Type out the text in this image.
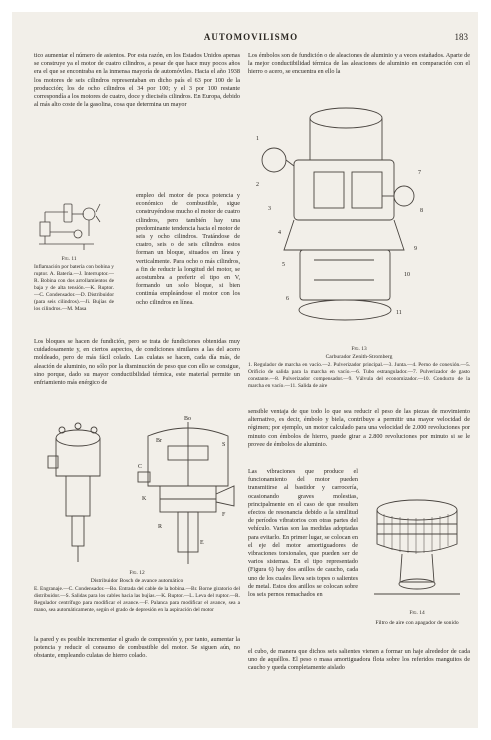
AUTOMOVILISMO	183
tico aumentar el número de asientos. Por esta razón, en los Estados Unidos apenas se construye ya el motor de cuatro cilindros, a pesar de que hace muy pocos años era el que se encontraba en la inmensa mayoría de automóviles. Hacia el año 1938 los motores de seis cilindros representaban en dicho país el 63 por 100 de la producción; los de ocho cilindros el 34 por 100; y el 3 por 100 restante correspondía a los motores de cuatro, doce y dieciséis cilindros. En Europa, debido al más alto coste de la gasolina, cosa que determina un mayor
Fig. 11
Inflamación por batería con bobina y ruptor. A. Batería.—J. Interruptor.—R. Bobina con dos arrollamientos de baja y de alta tensión.—K. Ruptor.—C. Condensador.—D. Distribuidor (para seis cilindros).—Ji. Bujías de los cilindros.—M. Masa
empleo del motor de poca potencia y económico de combustible, sigue construyéndose mucho el motor de cuatro cilindros, pero también hay una predominante tendencia hacia el motor de seis y ocho cilindros. Tratándose de cuatro, seis o de seis cilindros estos forman un bloque, situados en línea y verticalmente. Para ocho o más cilindros, a fin de reducir la longitud del motor, se acostumbra a preferir el tipo en V, formando un solo bloque, si bien continúa empleándose el motor con los ocho cilindros en línea.
Los bloques se hacen de fundición, pero se trata de fundiciones obtenidas muy cuidadosamente y, en ciertos aspectos, de condiciones similares a las del acero moldeado, pero de más fácil colado. Las culatas se hacen, cada día más, de aleación de aluminio, no sólo por la disminución de peso que con ello se consigue, sino porque, dado su mayor conductibilidad térmica, este material permite un enfriamiento más enérgico de
Bo
Br
S
C
K
F
R
E
Fig. 12
Distribuidor Bosch de avance automático
E. Engranaje.—C. Condensador.—Bo. Entrada del cable de la bobina.—Br. Borne giratorio del distribuidor.—S. Salidas para los cables hacia las bujías.—K. Ruptor.—L. Leva del ruptor.—R. Regulador centrífugo para modificar el avance.—F. Palanca para modificar el avance, sea a mano, sea automáticamente, según el grado de depresión en la aspiración del motor
la pared y es posible incrementar el grado de compresión y, por tanto, aumentar la potencia y reducir el consumo de combustible del motor. Se siguen aún, no obstante, empleando culatas de hierro colado.
Los émbolos son de fundición o de aleaciones de aluminio y a veces estañados. Aparte de la mejor conductibilidad térmica de las aleaciones de aluminio en comparación con el hierro o acero, se encuentra en ello la
1
2
3
4
5
6
7
8
9
10
11
Fig. 13
Carburador Zenith-Stromberg
1. Regulador de marcha en vacío.—2. Pulverizador principal.—3. Junta.—4. Perno de conexión.—5. Orificio de salida para la marcha en vacío.—6. Tubo estrangulador.—7. Pulverizador de gasto constante.—8. Pulverizador compensador.—9. Válvula del economizador.—10. Conducto de la marcha en vacío.—11. Salida de aire
sensible ventaja de que todo lo que sea reducir el peso de las piezas de movimiento alternativo, es decir, émbolo y biela, contribuye a permitir una mayor velocidad de régimen; por ejemplo, un motor calculado para una velocidad de 2.000 revoluciones por minuto con émbolos de hierro, puede girar a 2.800 revoluciones por minuto si se le provee de émbolos de aluminio.
Las vibraciones que produce el funcionamiento del motor pueden transmitirse al bastidor y carrocería, ocasionando graves molestias, principalmente en el caso de que resulten efectos de resonancia debido a la similitud de períodos vibratorios con otras partes del vehículo. Varias son las medidas adoptadas para evitarlo. En primer lugar, se colocan en el eje del motor amortiguadores de vibraciones torsionales, que pueden ser de varios sistemas. En el tipo representado (Figura 6) hay dos anillos de caucho, cada uno de los cuales lleva seis topes o salientes de metal. Estos dos anillos se colocan sobre los seis pernos remachados en
Fig. 14
Filtro de aire con apagador de sonido
el cubo, de manera que dichos seis salientes vienen a formar un haje alrededor de cada uno de aquéllos. El peso o masa amortiguadora flota sobre los referidos manguitos de caucho y queda completamente aislado
